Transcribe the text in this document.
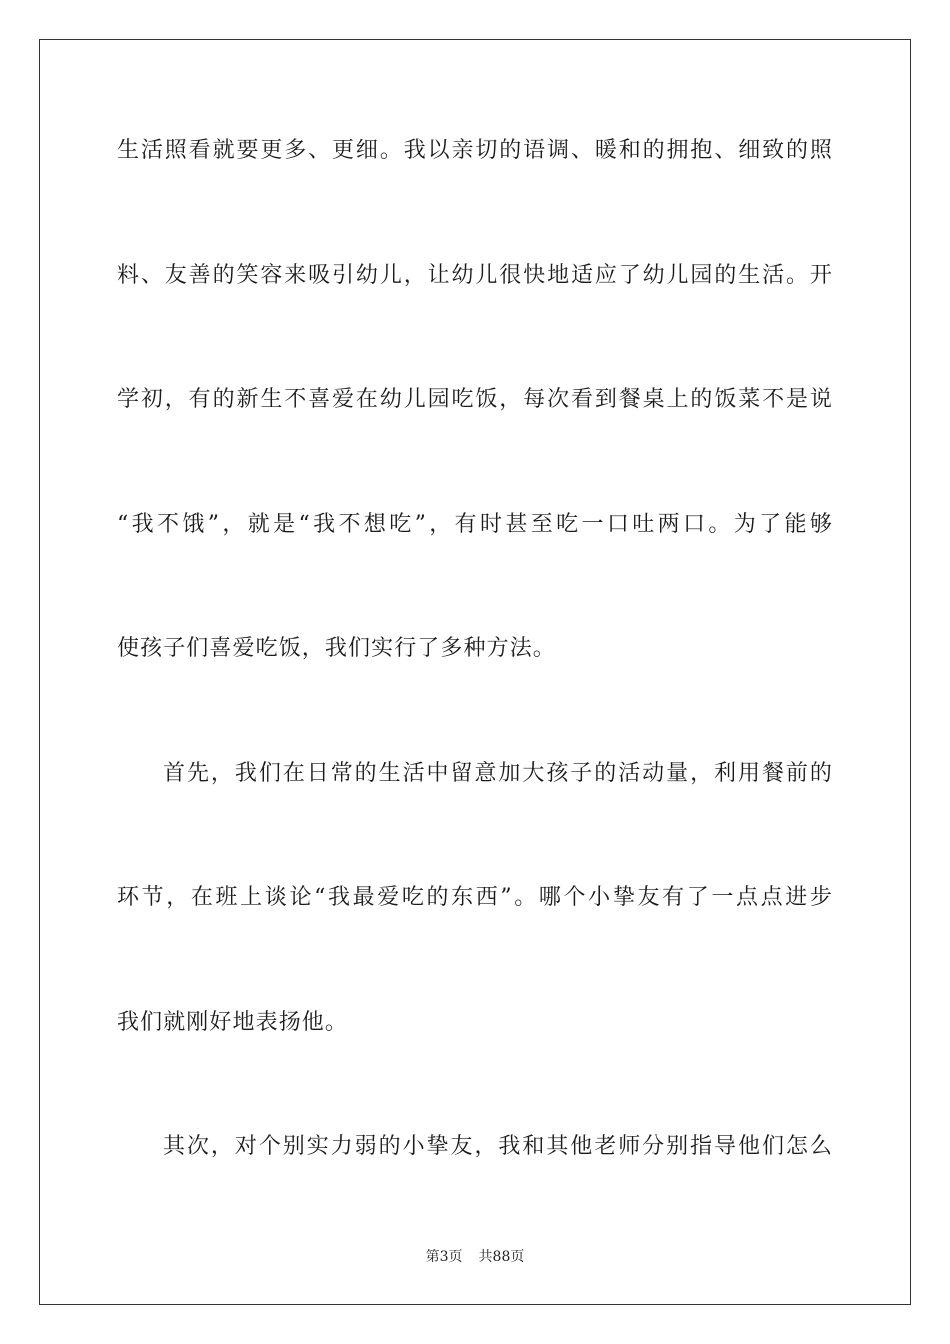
生活照看就要更多、更细。我以亲切的语调、暖和的拥抱、细致的照
料、友善的笑容来吸引幼儿，让幼儿很快地适应了幼儿园的生活。开
学初，有的新生不喜爱在幼儿园吃饭，每次看到餐桌上的饭菜不是说
“我不饿”，就是“我不想吃”，有时甚至吃一口吐两口。为了能够
使孩子们喜爱吃饭，我们实行了多种方法。
首先，我们在日常的生活中留意加大孩子的活动量，利用餐前的
环节，在班上谈论“我最爱吃的东西”。哪个小挚友有了一点点进步
我们就刚好地表扬他。
其次，对个别实力弱的小挚友，我和其他老师分别指导他们怎么
第3页 共88页
